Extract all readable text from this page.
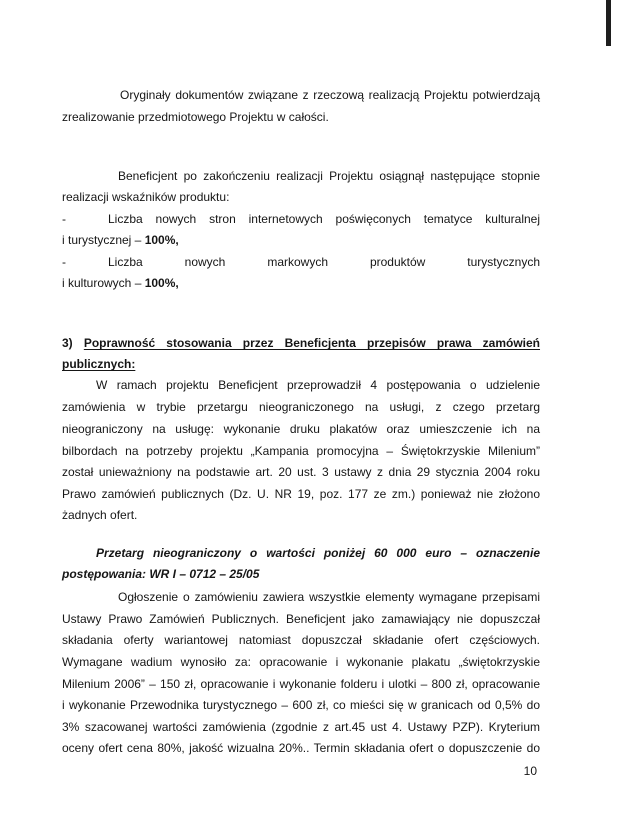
Oryginały dokumentów związane z rzeczową realizacją Projektu potwierdzają
zrealizowanie przedmiotowego Projektu w całości.
Beneficjent po zakończeniu realizacji Projektu osiągnął następujące stopnie
realizacji wskaźników produktu:
-	Liczba nowych stron internetowych poświęconych tematyce kulturalnej
i turystycznej – 100%,
-	Liczba nowych markowych produktów turystycznych
i kulturowych – 100%,
3) Poprawność stosowania przez Beneficjenta przepisów prawa zamówień
publicznych:
W ramach projektu Beneficjent przeprowadził 4 postępowania o udzielenie
zamówienia w trybie przetargu nieograniczonego na usługi, z czego przetarg
nieograniczony na usługę: wykonanie druku plakatów oraz umieszczenie ich na
bilbordach na potrzeby projektu „Kampania promocyjna – Świętokrzyskie Milenium”
został unieważniony na podstawie art. 20 ust. 3 ustawy z dnia 29 stycznia 2004 roku
Prawo zamówień publicznych (Dz. U. NR 19, poz. 177 ze zm.) ponieważ nie złożono
żadnych ofert.
Przetarg nieograniczony o wartości poniżej 60 000 euro – oznaczenie
postępowania: WR I – 0712 – 25/05
Ogłoszenie o zamówieniu zawiera wszystkie elementy wymagane przepisami
Ustawy Prawo Zamówień Publicznych. Beneficjent jako zamawiający nie dopuszczał
składania oferty wariantowej natomiast dopuszczał składanie ofert częściowych.
Wymagane wadium wynosiło za: opracowanie i wykonanie plakatu „świętokrzyskie
Milenium 2006” – 150 zł, opracowanie i wykonanie folderu i ulotki – 800 zł, opracowanie
i wykonanie Przewodnika turystycznego – 600 zł, co mieści się w granicach od 0,5% do
3% szacowanej wartości zamówienia (zgodnie z art.45 ust 4. Ustawy PZP). Kryterium
oceny ofert cena 80%, jakość wizualna 20%.. Termin składania ofert o dopuszczenie do
10
